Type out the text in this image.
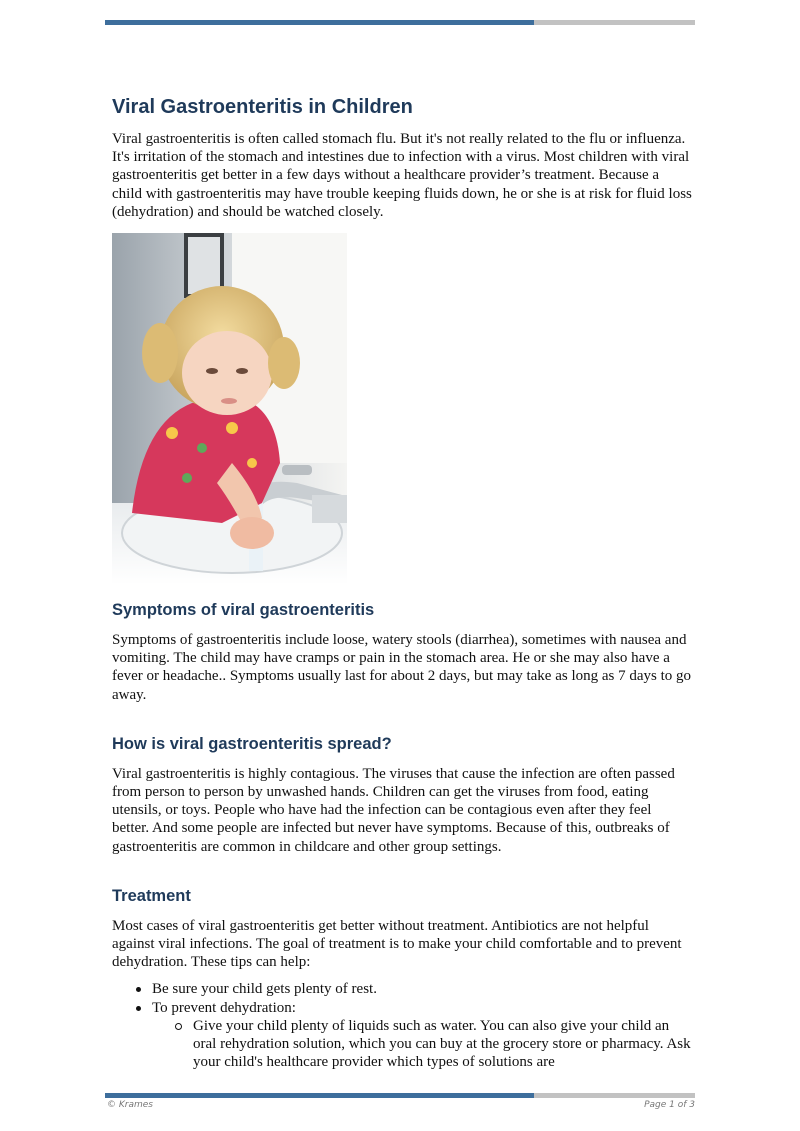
Viral Gastroenteritis in Children

Viral gastroenteritis is often called stomach flu. But it's not really related to the flu or influenza. It's irritation of the stomach and intestines due to infection with a virus. Most children with viral gastroenteritis get better in a few days without a healthcare provider’s treatment. Because a child with gastroenteritis may have trouble keeping fluids down, he or she is at risk for fluid loss (dehydration) and should be watched closely.

Symptoms of viral gastroenteritis

Symptoms of gastroenteritis include loose, watery stools (diarrhea), sometimes with nausea and vomiting. The child may have cramps or pain in the stomach area. He or she may also have a fever or headache.. Symptoms usually last for about 2 days, but may take as long as 7 days to go away.

How is viral gastroenteritis spread?

Viral gastroenteritis is highly contagious. The viruses that cause the infection are often passed from person to person by unwashed hands. Children can get the viruses from food, eating utensils, or toys. People who have had the infection can be contagious even after they feel better. And some people are infected but never have symptoms. Because of this, outbreaks of gastroenteritis are common in childcare and other group settings.

Treatment

Most cases of viral gastroenteritis get better without treatment. Antibiotics are not helpful against viral infections. The goal of treatment is to make your child comfortable and to prevent dehydration. These tips can help:

Be sure your child gets plenty of rest.
To prevent dehydration:
Give your child plenty of liquids such as water. You can also give your child an oral rehydration solution, which you can buy at the grocery store or pharmacy. Ask your child's healthcare provider which types of solutions are
© Krames	Page 1 of 3
